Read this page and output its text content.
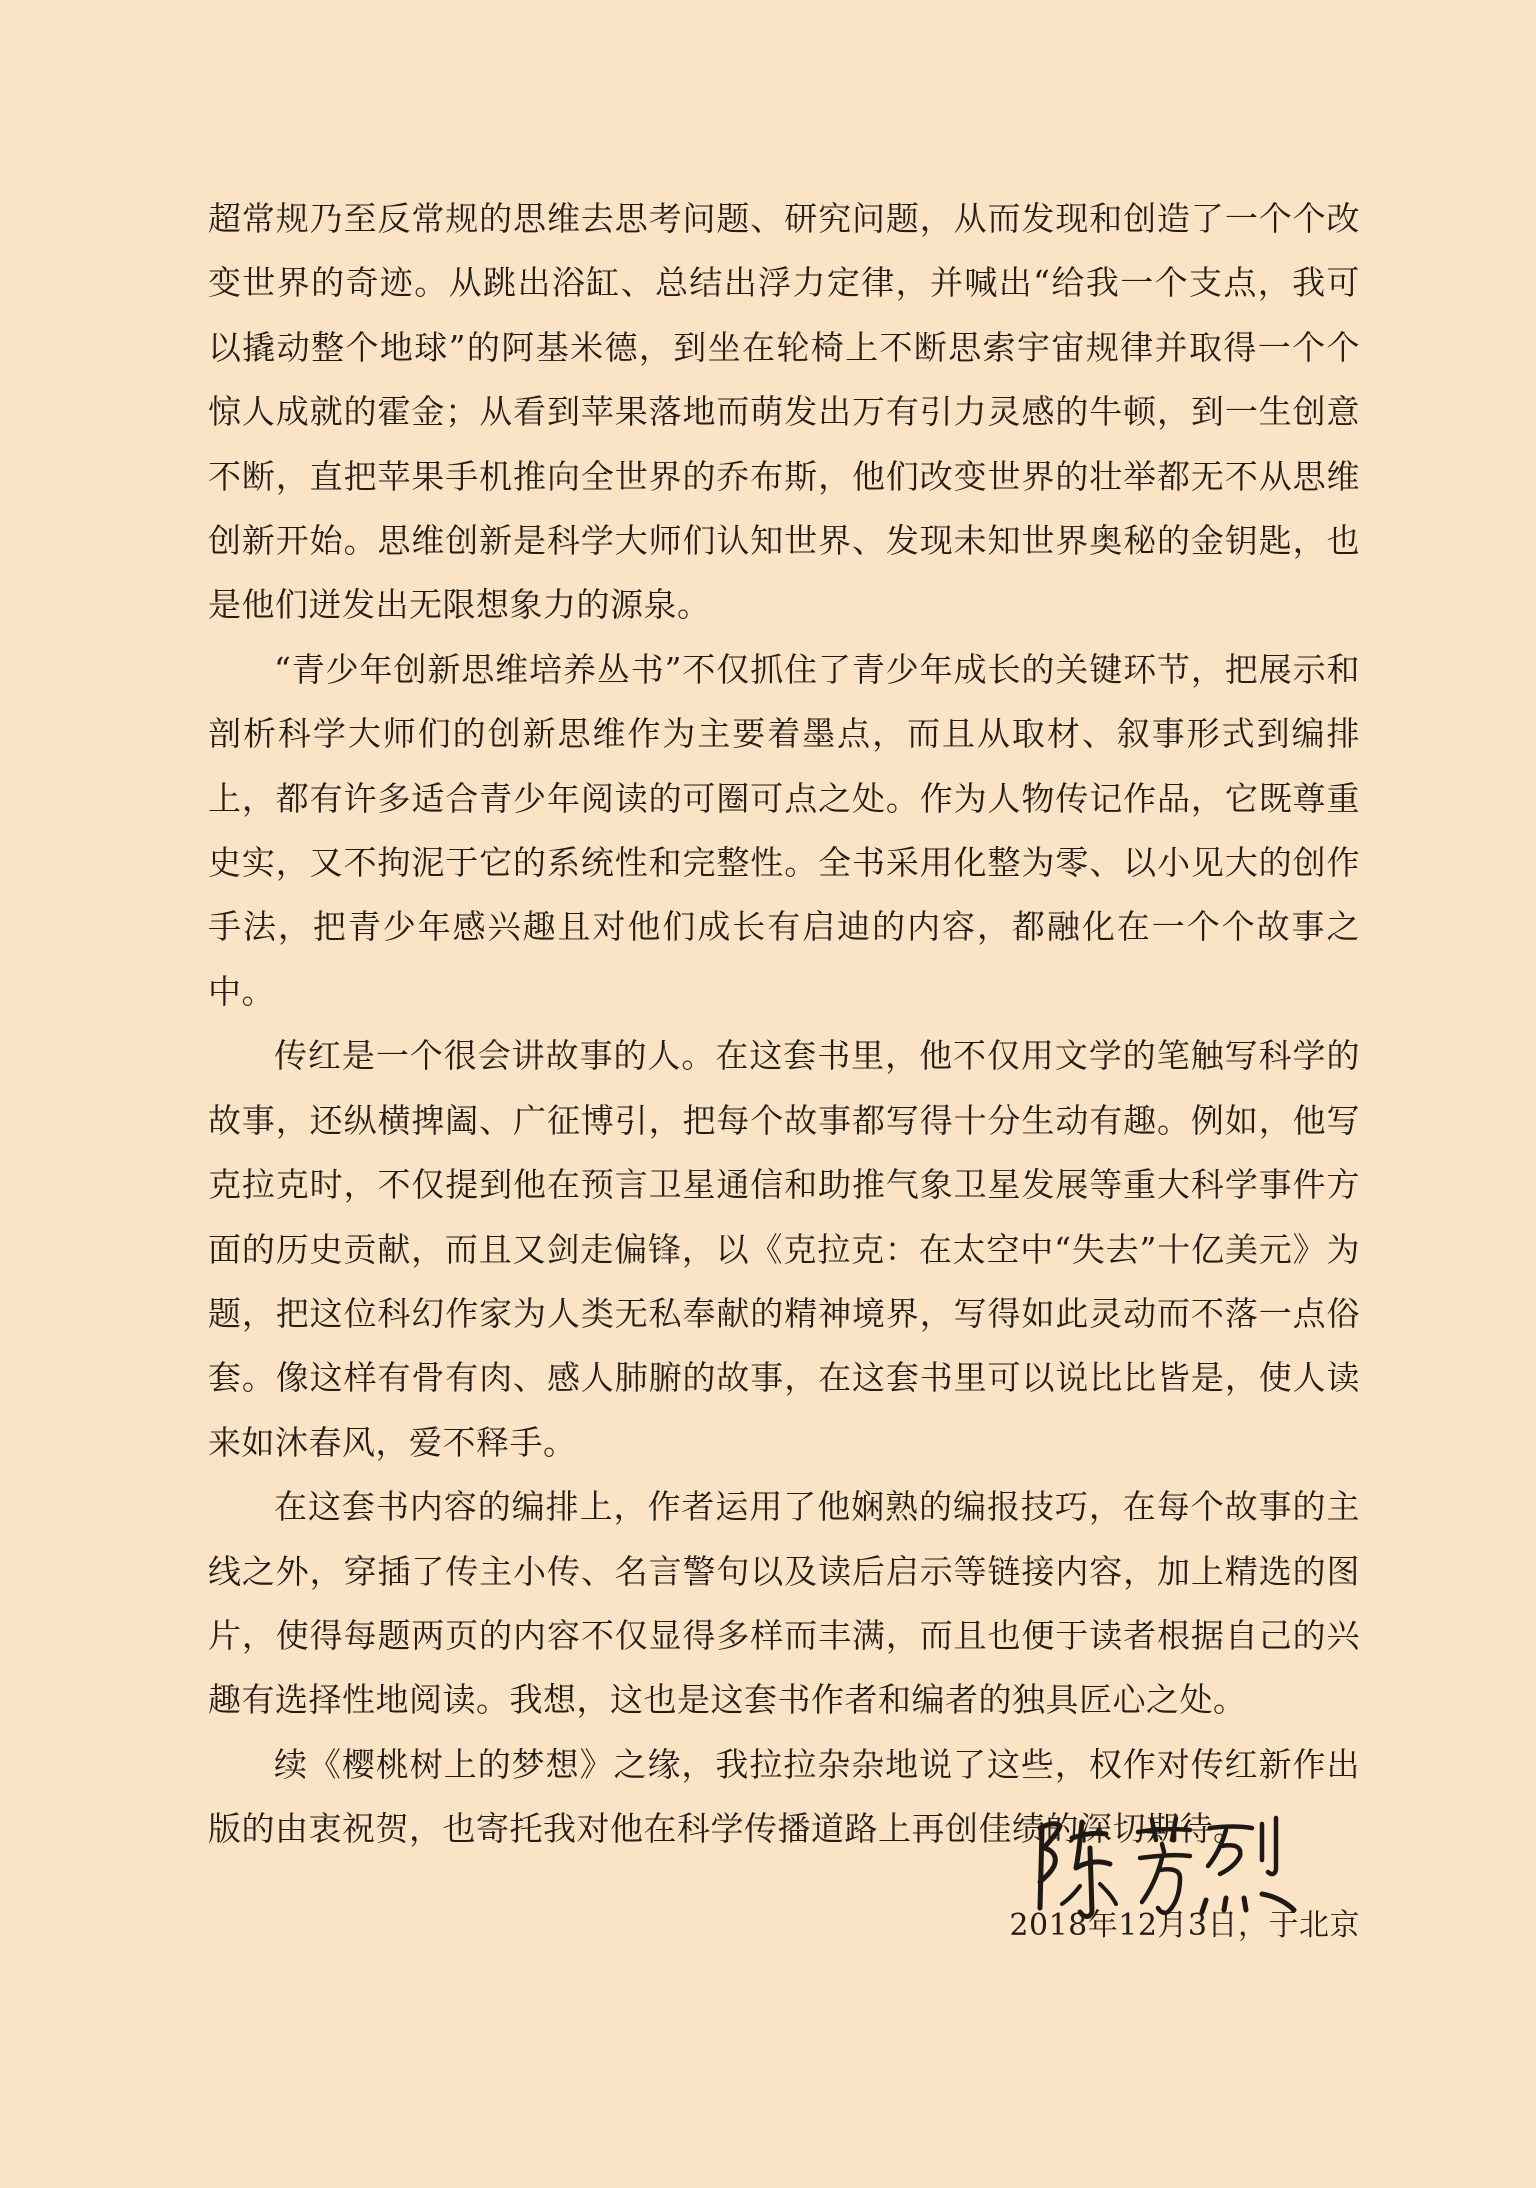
超常规乃至反常规的思维去思考问题、研究问题，从而发现和创造了一个个改变世界的奇迹。从跳出浴缸、总结出浮力定律，并喊出“给我一个支点，我可以撬动整个地球”的阿基米德，到坐在轮椅上不断思索宇宙规律并取得一个个惊人成就的霍金；从看到苹果落地而萌发出万有引力灵感的牛顿，到一生创意不断，直把苹果手机推向全世界的乔布斯，他们改变世界的壮举都无不从思维创新开始。思维创新是科学大师们认知世界、发现未知世界奥秘的金钥匙，也是他们迸发出无限想象力的源泉。

“青少年创新思维培养丛书”不仅抓住了青少年成长的关键环节，把展示和剖析科学大师们的创新思维作为主要着墨点，而且从取材、叙事形式到编排上，都有许多适合青少年阅读的可圈可点之处。作为人物传记作品，它既尊重史实，又不拘泥于它的系统性和完整性。全书采用化整为零、以小见大的创作手法，把青少年感兴趣且对他们成长有启迪的内容，都融化在一个个故事之中。

传红是一个很会讲故事的人。在这套书里，他不仅用文学的笔触写科学的故事，还纵横捭阖、广征博引，把每个故事都写得十分生动有趣。例如，他写克拉克时，不仅提到他在预言卫星通信和助推气象卫星发展等重大科学事件方面的历史贡献，而且又剑走偏锋，以《克拉克：在太空中“失去”十亿美元》为题，把这位科幻作家为人类无私奉献的精神境界，写得如此灵动而不落一点俗套。像这样有骨有肉、感人肺腑的故事，在这套书里可以说比比皆是，使人读来如沐春风，爱不释手。

在这套书内容的编排上，作者运用了他娴熟的编报技巧，在每个故事的主线之外，穿插了传主小传、名言警句以及读后启示等链接内容，加上精选的图片，使得每题两页的内容不仅显得多样而丰满，而且也便于读者根据自己的兴趣有选择性地阅读。我想，这也是这套书作者和编者的独具匠心之处。

续《樱桃树上的梦想》之缘，我拉拉杂杂地说了这些，权作对传红新作出版的由衷祝贺，也寄托我对他在科学传播道路上再创佳绩的深切期待。

2018年12月3日，于北京
